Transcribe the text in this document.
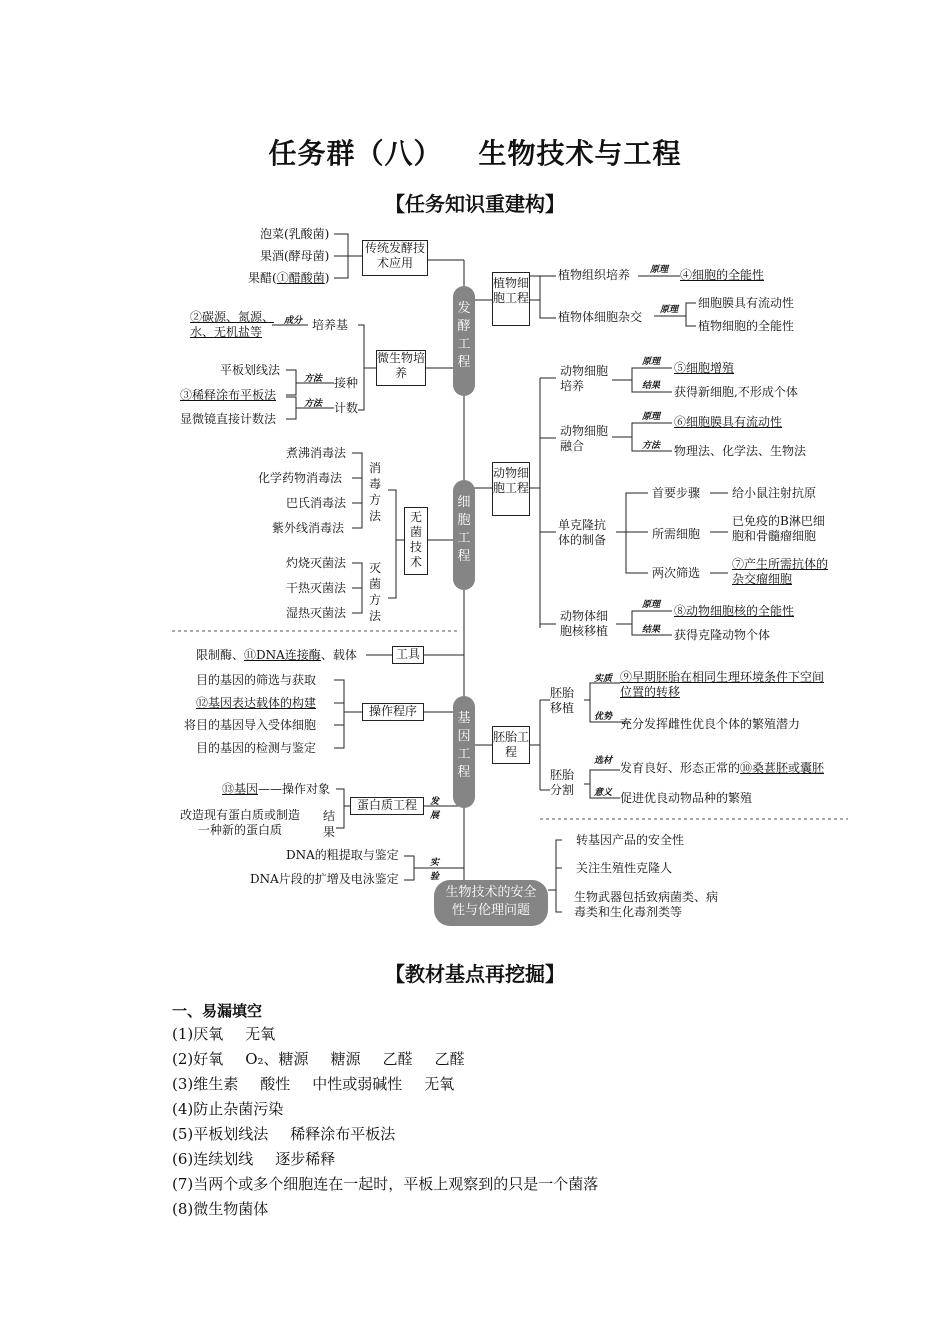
任务群（八） 生物技术与工程
【任务知识重建构】
泡菜(乳酸菌)
果酒(酵母菌)
果醋(①醋酸菌)
传统发酵技术应用
②碳源、氮源、水、无机盐等
成分 培养基
平板划线法
③稀释涂布平板法
显微镜直接计数法
方法
方法
接种
计数
微生物培养
煮沸消毒法
化学药物消毒法
巴氏消毒法
紫外线消毒法
消毒方法
灼烧灭菌法
干热灭菌法
湿热灭菌法
灭菌方法
无菌技术
发酵工程
细胞工程
基因工程
生物技术的安全性与伦理问题
植物细胞工程
植物组织培养 原理 ④细胞的全能性
植物体细胞杂交 原理 细胞膜具有流动性
植物细胞的全能性
动物细胞工程
动物细胞培养
原理 ⑤细胞增殖
结果 获得新细胞,不形成个体
动物细胞融合
原理 ⑥细胞膜具有流动性
方法 物理法、化学法、生物法
单克隆抗体的制备
首要步骤	给小鼠注射抗原
所需细胞
已免疫的B淋巴细胞和骨髓瘤细胞
两次筛选
⑦产生所需抗体的杂交瘤细胞
动物体细胞核移植
原理 ⑧动物细胞核的全能性
结果 获得克隆动物个体
胚胎工程
胚胎移植
实质 ⑨早期胚胎在相同生理环境条件下空间位置的转移
优势 充分发挥雌性优良个体的繁殖潜力
胚胎分割
选材 发育良好、形态正常的⑩桑葚胚或囊胚
意义 促进优良动物品种的繁殖
限制酶、⑪DNA连接酶、载体	工具
目的基因的筛选与获取
⑫基因表达载体的构建
将目的基因导入受体细胞
目的基因的检测与鉴定
操作程序
⑬基因—— 操作对象
改造现有蛋白质或制造一种新的蛋白质
结果
蛋白质工程	发展
DNA的粗提取与鉴定
DNA片段的扩增及电泳鉴定
实验
转基因产品的安全性
关注生殖性克隆人
生物武器包括致病菌类、病毒类和生化毒剂类等
【教材基点再挖掘】
一、易漏填空
(1)厌氧 无氧
(2)好氧 O₂、糖源 糖源 乙醛 乙醛
(3)维生素 酸性 中性或弱碱性 无氧
(4)防止杂菌污染
(5)平板划线法 稀释涂布平板法
(6)连续划线 逐步稀释
(7)当两个或多个细胞连在一起时，平板上观察到的只是一个菌落
(8)微生物菌体
